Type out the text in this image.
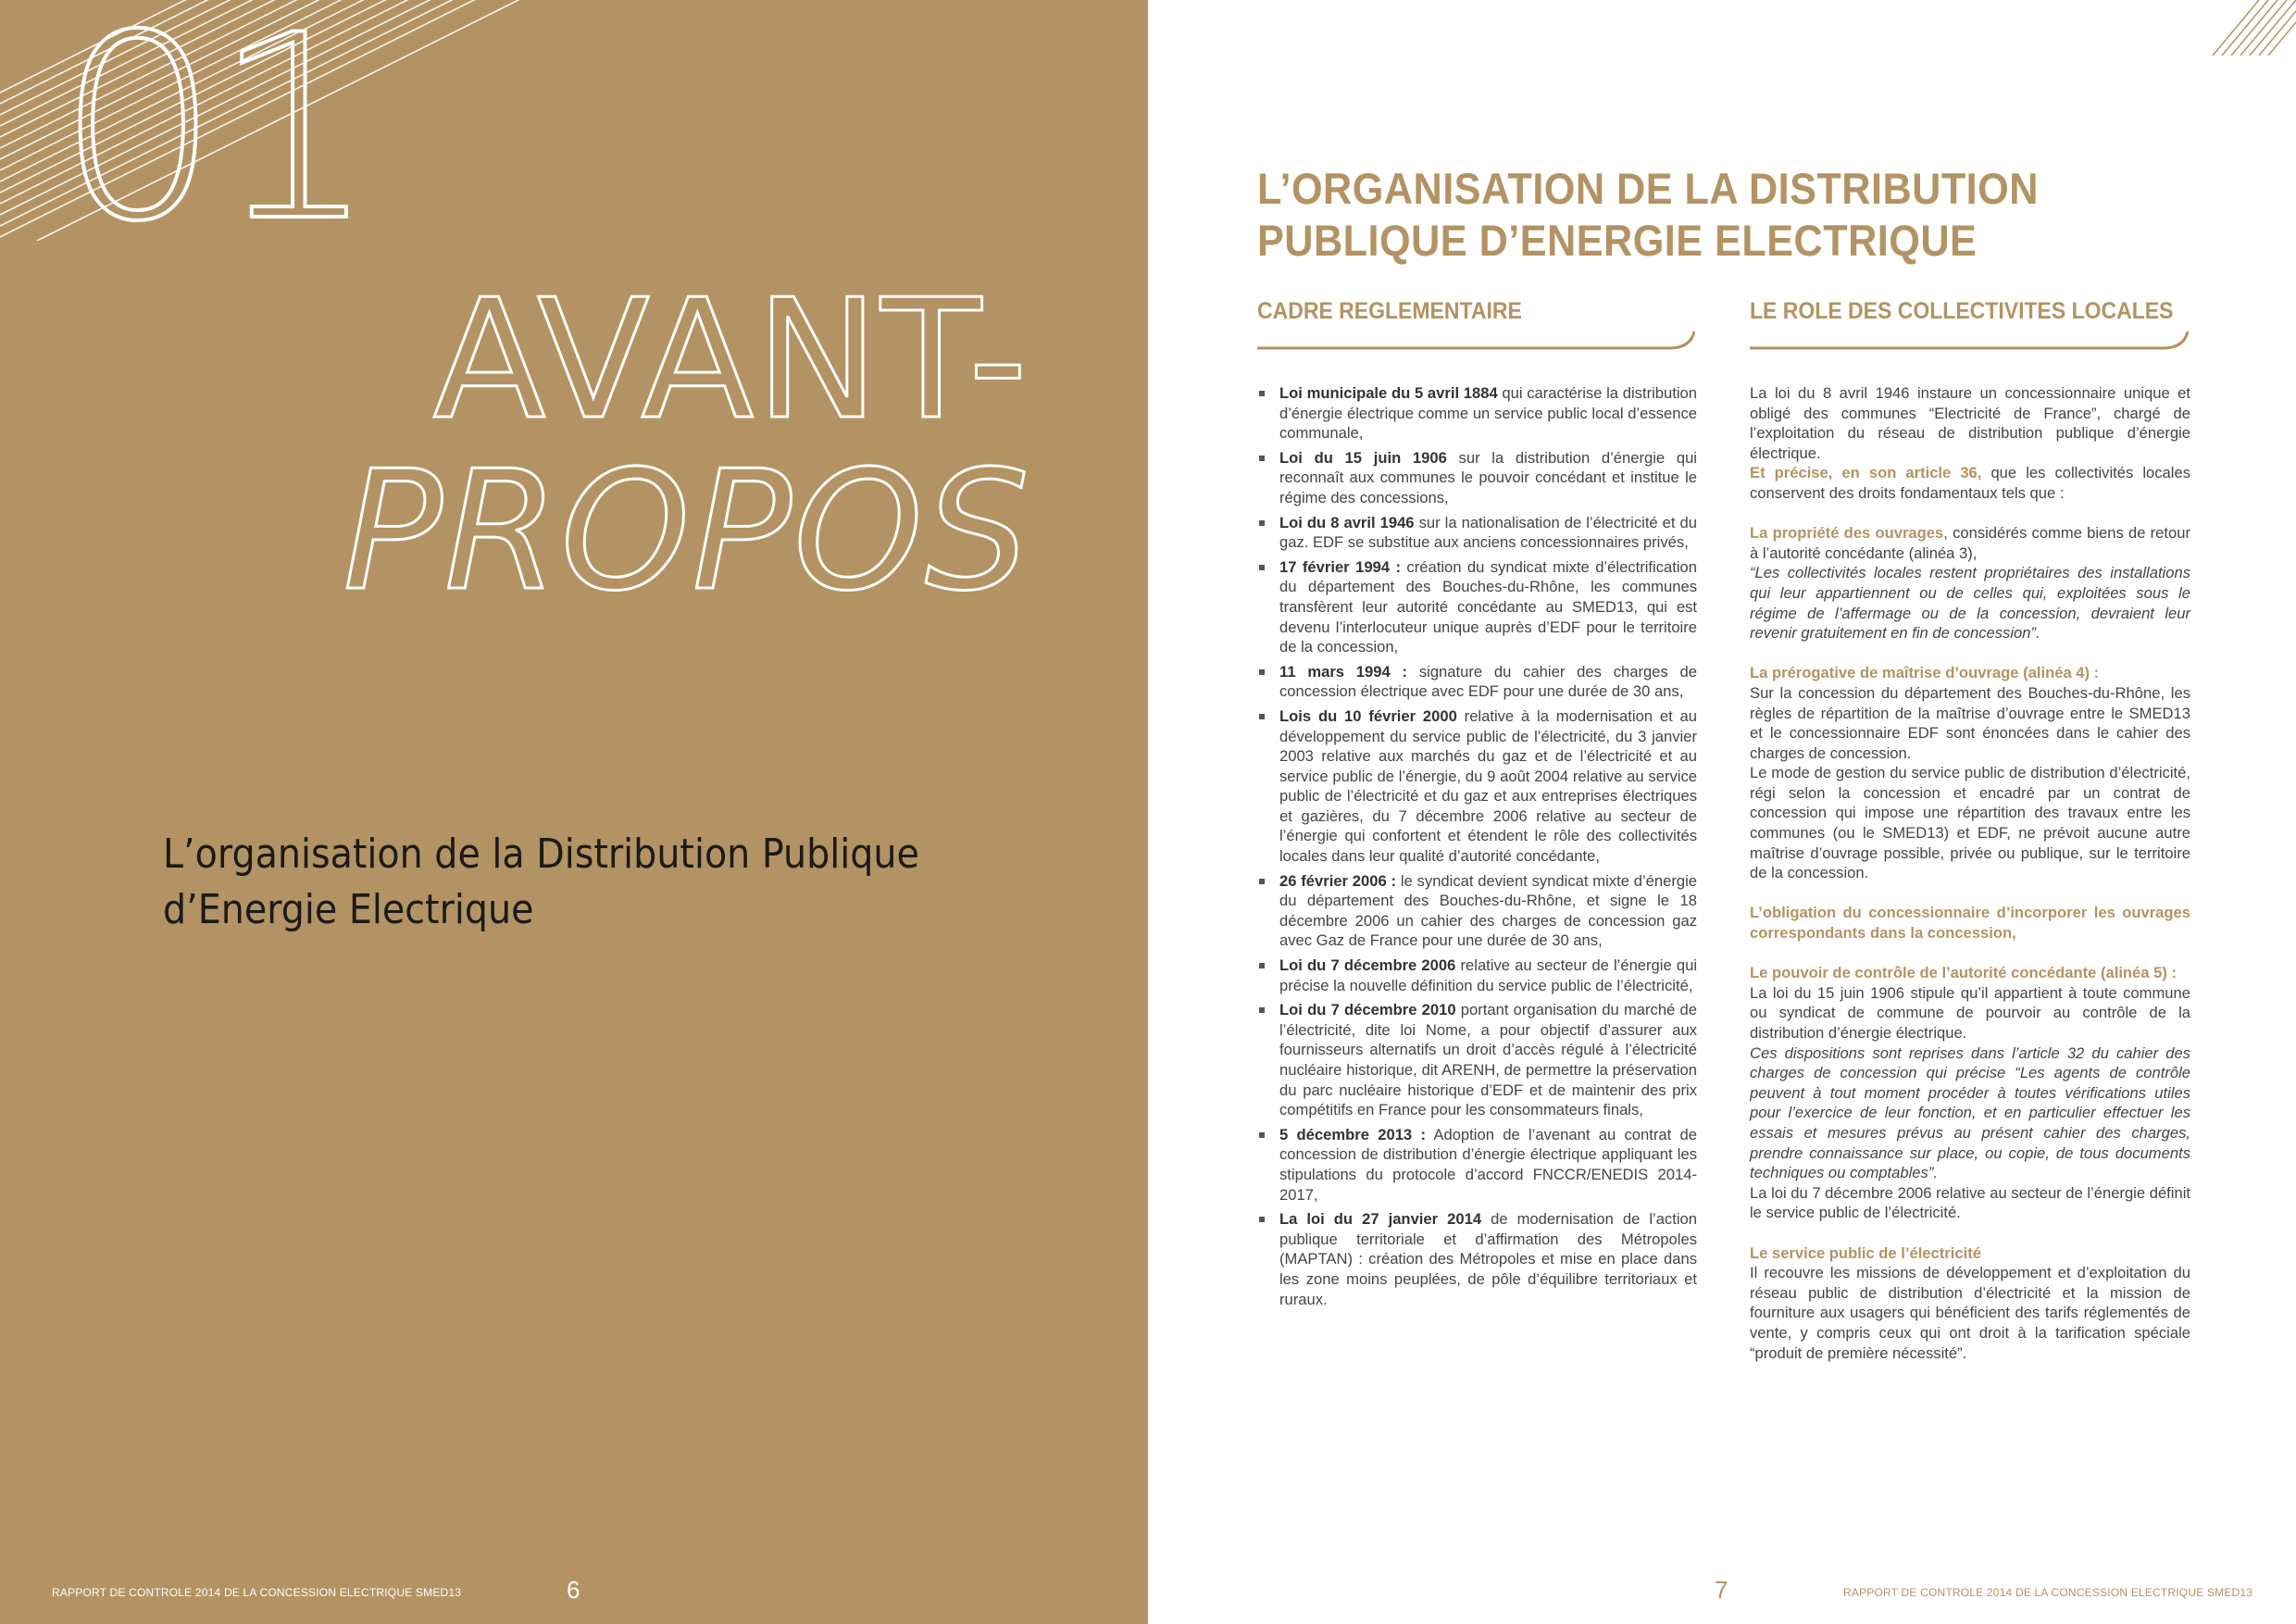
01
AVANT-
PROPOS
L’organisation de la Distribution Publique
d’Energie Electrique
RAPPORT DE CONTROLE 2014 DE LA CONCESSION ELECTRIQUE SMED13	6
L’ORGANISATION DE LA DISTRIBUTION
PUBLIQUE D’ENERGIE ELECTRIQUE
CADRE REGLEMENTAIRE
Loi municipale du 5 avril 1884 qui caractérise la distribution d’énergie électrique comme un service public local d’essence communale,
Loi du 15 juin 1906 sur la distribution d’énergie qui reconnaît aux communes le pouvoir concédant et institue le régime des concessions,
Loi du 8 avril 1946 sur la nationalisation de l’électricité et du gaz. EDF se substitue aux anciens concessionnaires privés,
17 février 1994 : création du syndicat mixte d’électrification du département des Bouches-du-Rhône, les communes transfèrent leur autorité concédante au SMED13, qui est devenu l’interlocuteur unique auprès d’EDF pour le territoire de la concession,
11 mars 1994 : signature du cahier des charges de concession électrique avec EDF pour une durée de 30 ans,
Lois du 10 février 2000 relative à la modernisation et au développement du service public de l’électricité, du 3 janvier 2003 relative aux marchés du gaz et de l’électricité et au service public de l’énergie, du 9 août 2004 relative au service public de l’électricité et du gaz et aux entreprises électriques et gazières, du 7 décembre 2006 relative au secteur de l’énergie qui confortent et étendent le rôle des collectivités locales dans leur qualité d’autorité concédante,
26 février 2006 : le syndicat devient syndicat mixte d’énergie du département des Bouches-du-Rhône, et signe le 18 décembre 2006 un cahier des charges de concession gaz avec Gaz de France pour une durée de 30 ans,
Loi du 7 décembre 2006 relative au secteur de l’énergie qui précise la nouvelle définition du service public de l’électricité,
Loi du 7 décembre 2010 portant organisation du marché de l’électricité, dite loi Nome, a pour objectif d’assurer aux fournisseurs alternatifs un droit d’accès régulé à l’électricité nucléaire historique, dit ARENH, de permettre la préservation du parc nucléaire historique d’EDF et de maintenir des prix compétitifs en France pour les consommateurs finals,
5 décembre 2013 : Adoption de l’avenant au contrat de concession de distribution d’énergie électrique appliquant les stipulations du protocole d’accord FNCCR/ENEDIS 2014-2017,
La loi du 27 janvier 2014 de modernisation de l’action publique territoriale et d’affirmation des Métropoles (MAPTAN) : création des Métropoles et mise en place dans les zone moins peuplées, de pôle d’équilibre territoriaux et ruraux.
LE ROLE DES COLLECTIVITES LOCALES

La loi du 8 avril 1946 instaure un concessionnaire unique et obligé des communes “Electricité de France”, chargé de l’exploitation du réseau de distribution publique d’énergie électrique.

Et précise, en son article 36, que les collectivités locales conservent des droits fondamentaux tels que :

La propriété des ouvrages, considérés comme biens de retour à l’autorité concédante (alinéa 3),

“Les collectivités locales restent propriétaires des installations qui leur appartiennent ou de celles qui, exploitées sous le régime de l’affermage ou de la concession, devraient leur revenir gratuitement en fin de concession”.

La prérogative de maîtrise d’ouvrage (alinéa 4) :

Sur la concession du département des Bouches-du-Rhône, les règles de répartition de la maîtrise d’ouvrage entre le SMED13 et le concessionnaire EDF sont énoncées dans le cahier des charges de concession.

Le mode de gestion du service public de distribution d’électricité, régi selon la concession et encadré par un contrat de concession qui impose une répartition des travaux entre les communes (ou le SMED13) et EDF, ne prévoit aucune autre maîtrise d’ouvrage possible, privée ou publique, sur le territoire de la concession.

L’obligation du concessionnaire d’incorporer les ouvrages correspondants dans la concession,

Le pouvoir de contrôle de l’autorité concédante (alinéa 5) :

La loi du 15 juin 1906 stipule qu’il appartient à toute commune ou syndicat de commune de pourvoir au contrôle de la distribution d’énergie électrique.

Ces dispositions sont reprises dans l’article 32 du cahier des charges de concession qui précise “Les agents de contrôle peuvent à tout moment procéder à toutes vérifications utiles pour l’exercice de leur fonction, et en particulier effectuer les essais et mesures prévus au présent cahier des charges, prendre connaissance sur place, ou copie, de tous documents techniques ou comptables”.

La loi du 7 décembre 2006 relative au secteur de l’énergie définit le service public de l’électricité.

Le service public de l’électricité

Il recouvre les missions de développement et d’exploitation du réseau public de distribution d’électricité et la mission de fourniture aux usagers qui bénéficient des tarifs réglementés de vente, y compris ceux qui ont droit à la tarification spéciale “produit de première nécessité”.

7	RAPPORT DE CONTROLE 2014 DE LA CONCESSION ELECTRIQUE SMED13
